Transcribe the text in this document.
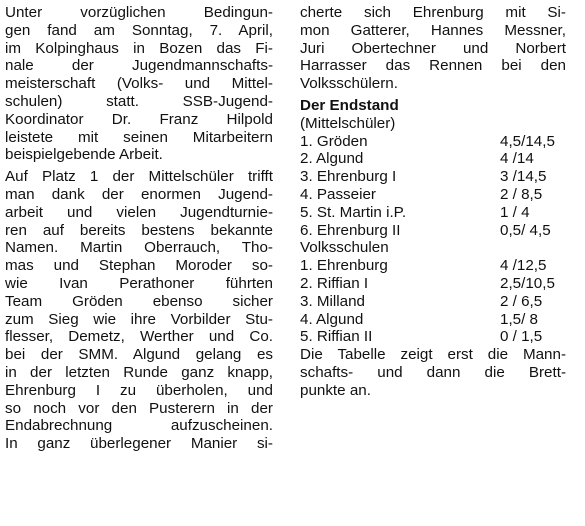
Unter vorzüglichen Bedingun-
gen fand am Sonntag, 7. April,
im Kolpinghaus in Bozen das Fi-
nale der Jugendmannschafts-
meisterschaft (Volks- und Mittel-
schulen) statt. SSB-Jugend-
Koordinator Dr. Franz Hilpold
leistete mit seinen Mitarbeitern
beispielgebende Arbeit.
Auf Platz 1 der Mittelschüler trifft
man dank der enormen Jugend-
arbeit und vielen Jugendturnie-
ren auf bereits bestens bekannte
Namen. Martin Oberrauch, Tho-
mas und Stephan Moroder so-
wie Ivan Perathoner führten
Team Gröden ebenso sicher
zum Sieg wie ihre Vorbilder Stu-
flesser, Demetz, Werther und Co.
bei der SMM. Algund gelang es
in der letzten Runde ganz knapp,
Ehrenburg I zu überholen, und
so noch vor den Pusterern in der
Endabrechnung aufzuscheinen.
In ganz überlegener Manier si-
cherte sich Ehrenburg mit Si-
mon Gatterer, Hannes Messner,
Juri Obertechner und Norbert
Harrasser das Rennen bei den
Volksschülern.
Der Endstand
(Mittelschüler)
1. Gröden	4,5/14,5
2. Algund	4 /14
3. Ehrenburg I	3 /14,5
4. Passeier	2 / 8,5
5. St. Martin i.P.	1 / 4
6. Ehrenburg II	0,5/ 4,5
Volksschulen
1. Ehrenburg	4 /12,5
2. Riffian I	2,5/10,5
3. Milland	2 / 6,5
4. Algund	1,5/ 8
5. Riffian II	0 / 1,5
Die Tabelle zeigt erst die Mann-
schafts- und dann die Brett-
punkte an.
